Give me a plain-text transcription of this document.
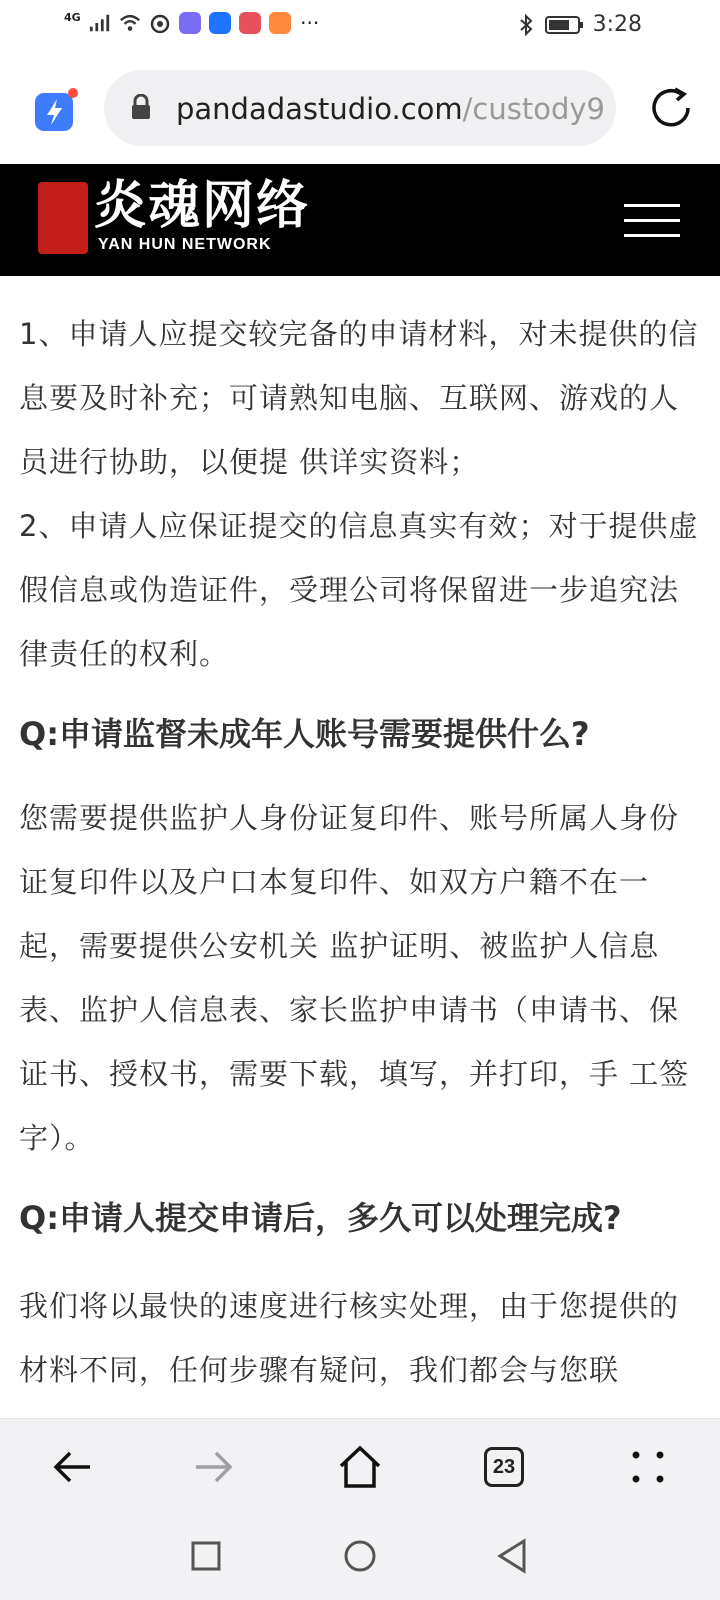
4G	···	3:28
pandadastudio.com/custody9
炎魂网络
YAN HUN NETWORK

1、申请人应提交较完备的申请材料，对未提供的信息要及时补充；可请熟知电脑、互联网、游戏的人员进行协助，以便提 供详实资料；

2、申请人应保证提交的信息真实有效；对于提供虚假信息或伪造证件，受理公司将保留进一步追究法律责任的权利。

Q:申请监督未成年人账号需要提供什么?

您需要提供监护人身份证复印件、账号所属人身份证复印件以及户口本复印件、如双方户籍不在一起，需要提供公安机关 监护证明、被监护人信息表、监护人信息表、家长监护申请书（申请书、保证书、授权书，需要下载，填写，并打印，手 工签字）。

Q:申请人提交申请后，多久可以处理完成?

我们将以最快的速度进行核实处理，由于您提供的材料不同，任何步骤有疑问，我们都会与您联

23
